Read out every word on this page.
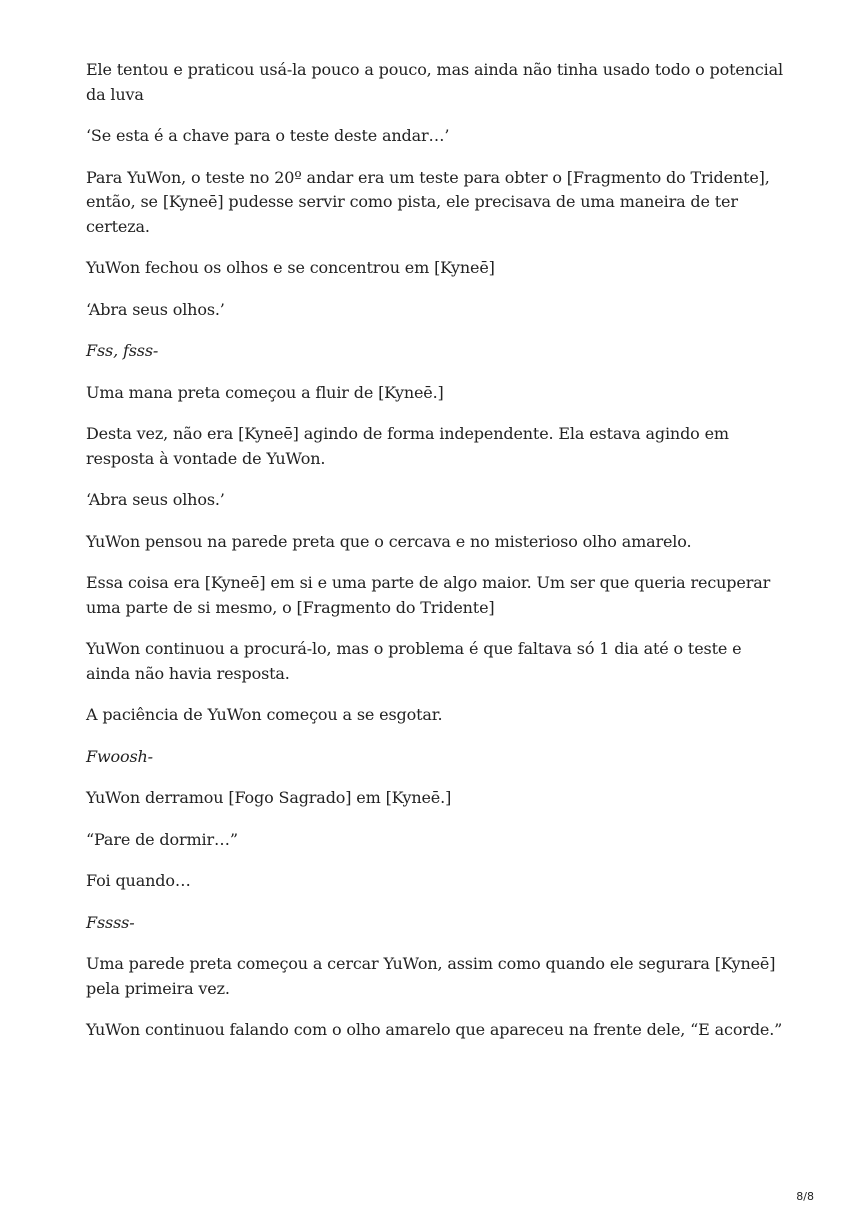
Ele tentou e praticou usá-la pouco a pouco, mas ainda não tinha usado todo o potencial da luva

‘Se esta é a chave para o teste deste andar…’

Para YuWon, o teste no 20º andar era um teste para obter o [Fragmento do Tridente], então, se [Kyneē] pudesse servir como pista, ele precisava de uma maneira de ter certeza.

YuWon fechou os olhos e se concentrou em [Kyneē]

‘Abra seus olhos.’

Fss, fsss-

Uma mana preta começou a fluir de [Kyneē.]

Desta vez, não era [Kyneē] agindo de forma independente. Ela estava agindo em resposta à vontade de YuWon.

‘Abra seus olhos.’

YuWon pensou na parede preta que o cercava e no misterioso olho amarelo.

Essa coisa era [Kyneē] em si e uma parte de algo maior. Um ser que queria recuperar uma parte de si mesmo, o [Fragmento do Tridente]

YuWon continuou a procurá-lo, mas o problema é que faltava só 1 dia até o teste e ainda não havia resposta.

A paciência de YuWon começou a se esgotar.

Fwoosh-

YuWon derramou [Fogo Sagrado] em [Kyneē.]

“Pare de dormir…”

Foi quando…

Fssss-

Uma parede preta começou a cercar YuWon, assim como quando ele segurara [Kyneē] pela primeira vez.

YuWon continuou falando com o olho amarelo que apareceu na frente dele, “E acorde.”

8/8
